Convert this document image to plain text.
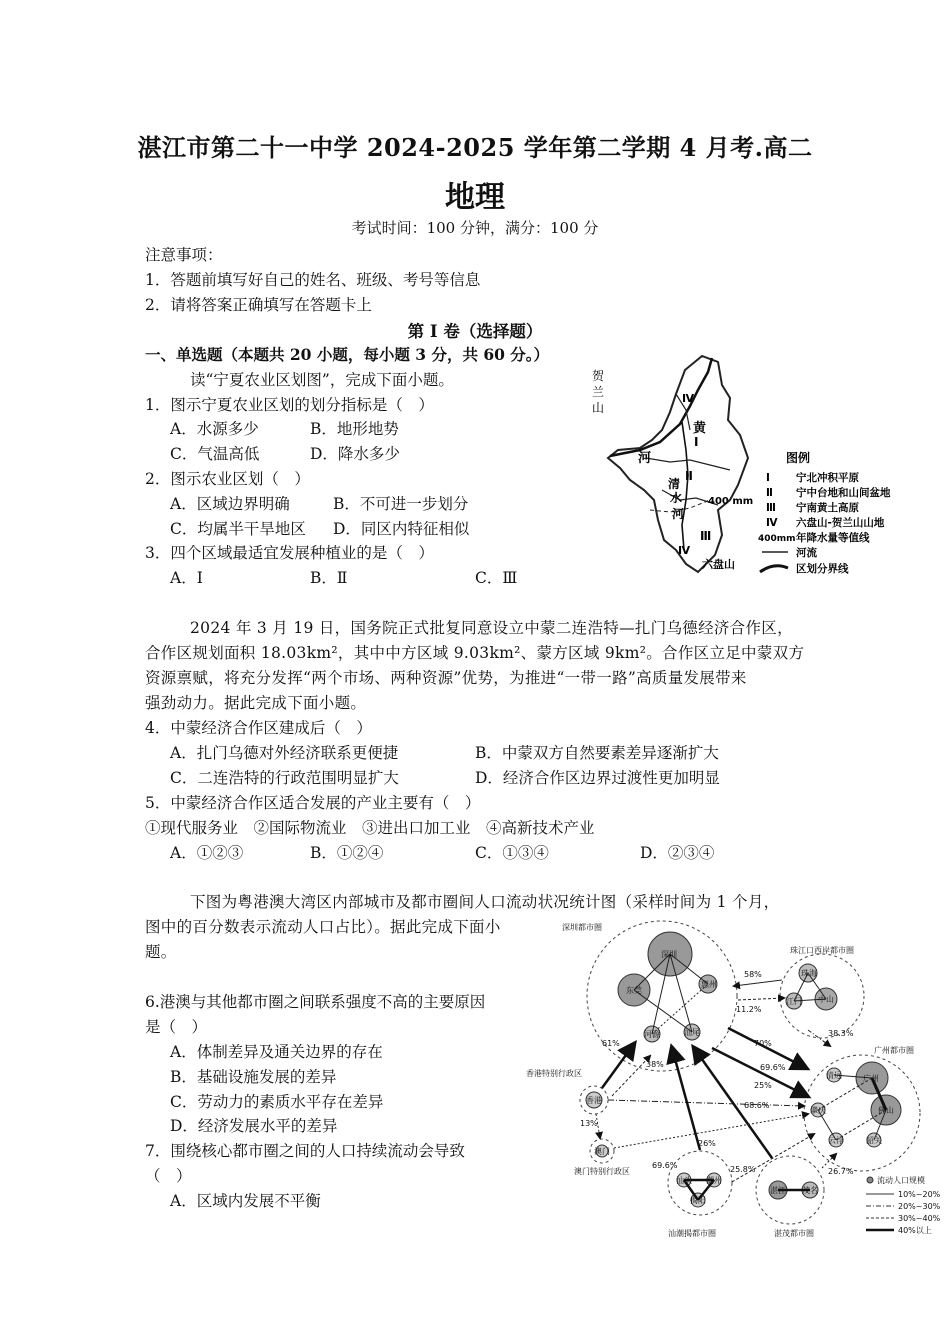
湛江市第二十一中学 2024-2025 学年第二学期 4 月考.高二
地理
考试时间：100 分钟，满分：100 分
注意事项：
1．答题前填写好自己的姓名、班级、考号等信息
2．请将答案正确填写在答题卡上
第 I 卷（选择题）
一、单选题（本题共 20 小题，每小题 3 分，共 60 分。）
读“宁夏农业区划图”，完成下面小题。
1．图示宁夏农业区划的划分指标是（　）
A．水源多少	B．地形地势
C．气温高低	D．降水多少
2．图示农业区划（　）
A．区域边界明确	B．不可进一步划分
C．均属半干旱地区 D．同区内特征相似
3．四个区域最适宜发展种植业的是（　）
A．Ⅰ	B．Ⅱ	C．Ⅲ
贺
兰
山
黄
河
清
水
河
Ⅰ
Ⅱ
Ⅲ
Ⅳ
Ⅳ
400 mm
六盘山
图例
Ⅰ 宁北冲积平原
Ⅱ 宁中台地和山间盆地
Ⅲ 宁南黄土高原
Ⅳ 六盘山-贺兰山山地
400mm 年降水量等值线
河流
区划分界线
2024 年 3 月 19 日，国务院正式批复同意设立中蒙二连浩特—扎门乌德经济合作区，
合作区规划面积 18.03km²，其中中方区域 9.03km²、蒙方区域 9km²。合作区立足中蒙双方
资源禀赋，将充分发挥“两个市场、两种资源”优势，为推进“一带一路”高质量发展带来
强劲动力。据此完成下面小题。
4．中蒙经济合作区建成后（　）
A．扎门乌德对外经济联系更便捷	B．中蒙双方自然要素差异逐渐扩大
C．二连浩特的行政范围明显扩大	D．经济合作区边界过渡性更加明显
5．中蒙经济合作区适合发展的产业主要有（　）
①现代服务业　②国际物流业　③进出口加工业　④高新技术产业
A．①②③	B．①②④	C．①③④	D．②③④
下图为粤港澳大湾区内部城市及都市圈间人口流动状况统计图（采样时间为 1 个月，
图中的百分数表示流动人口占比）。据此完成下面小
题。
6.港澳与其他都市圈之间联系强度不高的主要原因
是（　）
A．体制差异及通关边界的存在
B．基础设施发展的差异
C．劳动力的素质水平存在差异
D．经济发展水平的差异
7．围绕核心都市圈之间的人口持续流动会导致
（　）
A．区域内发展不平衡
深圳都市圈
珠江口西岸都市圈
广州都市圈
香港特别行政区
澳门特别行政区
汕潮揭都市圈	湛茂都市圈
深圳
东莞
惠州
河源	汕尾
珠海
中山
江门
广州
佛山
清远
肇庆
云浮	韶关
香港
澳门
汕头 潮州
揭阳
湛江 茂名
58%
11.2%
70%
38.3%
61%
38%	69.6%
25%
68.6%
13%
26%
69.6%	25.8%	26.7%
流动人口规模
10%~20%
20%~30%
30%~40%
40%以上
